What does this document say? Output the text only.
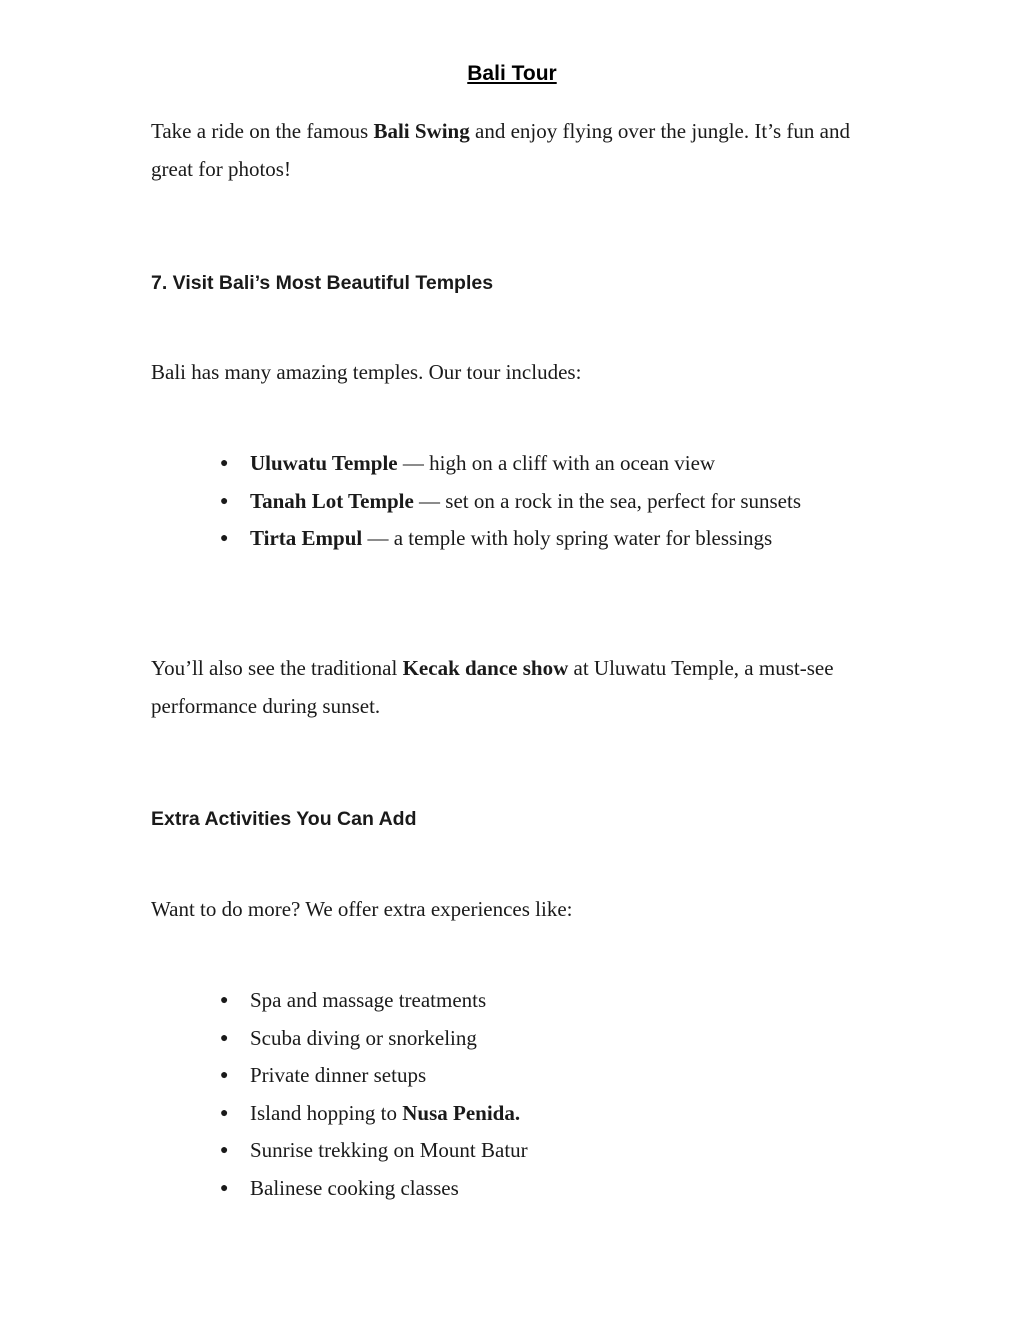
Bali Tour

Take a ride on the famous Bali Swing and enjoy flying over the jungle. It’s fun and great for photos!

7. Visit Bali’s Most Beautiful Temples

Bali has many amazing temples. Our tour includes:

● Uluwatu Temple — high on a cliff with an ocean view
● Tanah Lot Temple — set on a rock in the sea, perfect for sunsets
● Tirta Empul — a temple with holy spring water for blessings

You’ll also see the traditional Kecak dance show at Uluwatu Temple, a must-see performance during sunset.

Extra Activities You Can Add

Want to do more? We offer extra experiences like:

● Spa and massage treatments
● Scuba diving or snorkeling
● Private dinner setups
● Island hopping to Nusa Penida.
● Sunrise trekking on Mount Batur
● Balinese cooking classes
